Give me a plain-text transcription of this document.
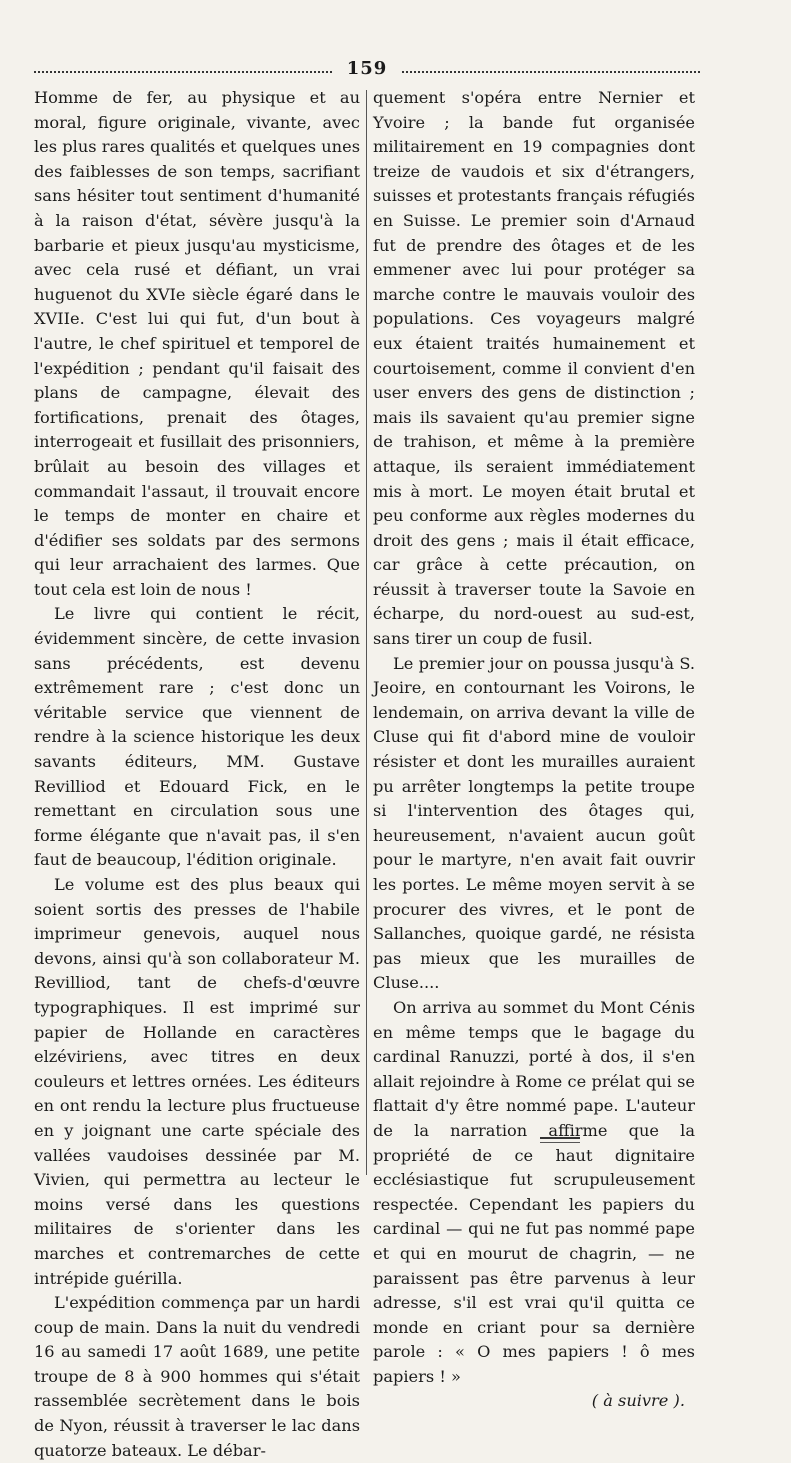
159

Homme de fer, au physique et au moral, figure originale, vivante, avec les plus rares qualités et quelques unes des faiblesses de son temps, sacrifiant sans hésiter tout sentiment d'humanité à la raison d'état, sévère jusqu'à la barbarie et pieux jusqu'au mysticisme, avec cela rusé et défiant, un vrai huguenot du XVIe siècle égaré dans le XVIIe. C'est lui qui fut, d'un bout à l'autre, le chef spirituel et temporel de l'expédition ; pendant qu'il faisait des plans de campagne, élevait des fortifications, prenait des ôtages, interrogeait et fusillait des prisonniers, brûlait au besoin des villages et commandait l'assaut, il trouvait encore le temps de monter en chaire et d'édifier ses soldats par des sermons qui leur arrachaient des larmes. Que tout cela est loin de nous !

Le livre qui contient le récit, évidemment sincère, de cette invasion sans précédents, est devenu extrêmement rare ; c'est donc un véritable service que viennent de rendre à la science historique les deux savants éditeurs, MM. Gustave Revilliod et Edouard Fick, en le remettant en circulation sous une forme élégante que n'avait pas, il s'en faut de beaucoup, l'édition originale.

Le volume est des plus beaux qui soient sortis des presses de l'habile imprimeur genevois, auquel nous devons, ainsi qu'à son collaborateur M. Revilliod, tant de chefs-d'œuvre typographiques. Il est imprimé sur papier de Hollande en caractères elzéviriens, avec titres en deux couleurs et lettres ornées. Les éditeurs en ont rendu la lecture plus fructueuse en y joignant une carte spéciale des vallées vaudoises dessinée par M. Vivien, qui permettra au lecteur le moins versé dans les questions militaires de s'orienter dans les marches et contremarches de cette intrépide guérilla.

L'expédition commença par un hardi coup de main. Dans la nuit du vendredi 16 au samedi 17 août 1689, une petite troupe de 8 à 900 hommes qui s'était rassemblée secrètement dans le bois de Nyon, réussit à traverser le lac dans quatorze bateaux. Le débar-

quement s'opéra entre Nernier et Yvoire ; la bande fut organisée militairement en 19 compagnies dont treize de vaudois et six d'étrangers, suisses et protestants français réfugiés en Suisse. Le premier soin d'Arnaud fut de prendre des ôtages et de les emmener avec lui pour protéger sa marche contre le mauvais vouloir des populations. Ces voyageurs malgré eux étaient traités humainement et courtoisement, comme il convient d'en user envers des gens de distinction ; mais ils savaient qu'au premier signe de trahison, et même à la première attaque, ils seraient immédiatement mis à mort. Le moyen était brutal et peu conforme aux règles modernes du droit des gens ; mais il était efficace, car grâce à cette précaution, on réussit à traverser toute la Savoie en écharpe, du nord-ouest au sud-est, sans tirer un coup de fusil.

Le premier jour on poussa jusqu'à S. Jeoire, en contournant les Voirons, le lendemain, on arriva devant la ville de Cluse qui fit d'abord mine de vouloir résister et dont les murailles auraient pu arrêter longtemps la petite troupe si l'intervention des ôtages qui, heureusement, n'avaient aucun goût pour le martyre, n'en avait fait ouvrir les portes. Le même moyen servit à se procurer des vivres, et le pont de Sallanches, quoique gardé, ne résista pas mieux que les murailles de Cluse....

On arriva au sommet du Mont Cénis en même temps que le bagage du cardinal Ranuzzi, porté à dos, il s'en allait rejoindre à Rome ce prélat qui se flattait d'y être nommé pape. L'auteur de la narration affirme que la propriété de ce haut dignitaire ecclésiastique fut scrupuleusement respectée. Cependant les papiers du cardinal — qui ne fut pas nommé pape et qui en mourut de chagrin, — ne paraissent pas être parvenus à leur adresse, s'il est vrai qu'il quitta ce monde en criant pour sa dernière parole : « O mes papiers ! ô mes papiers ! »

( à suivre ).
